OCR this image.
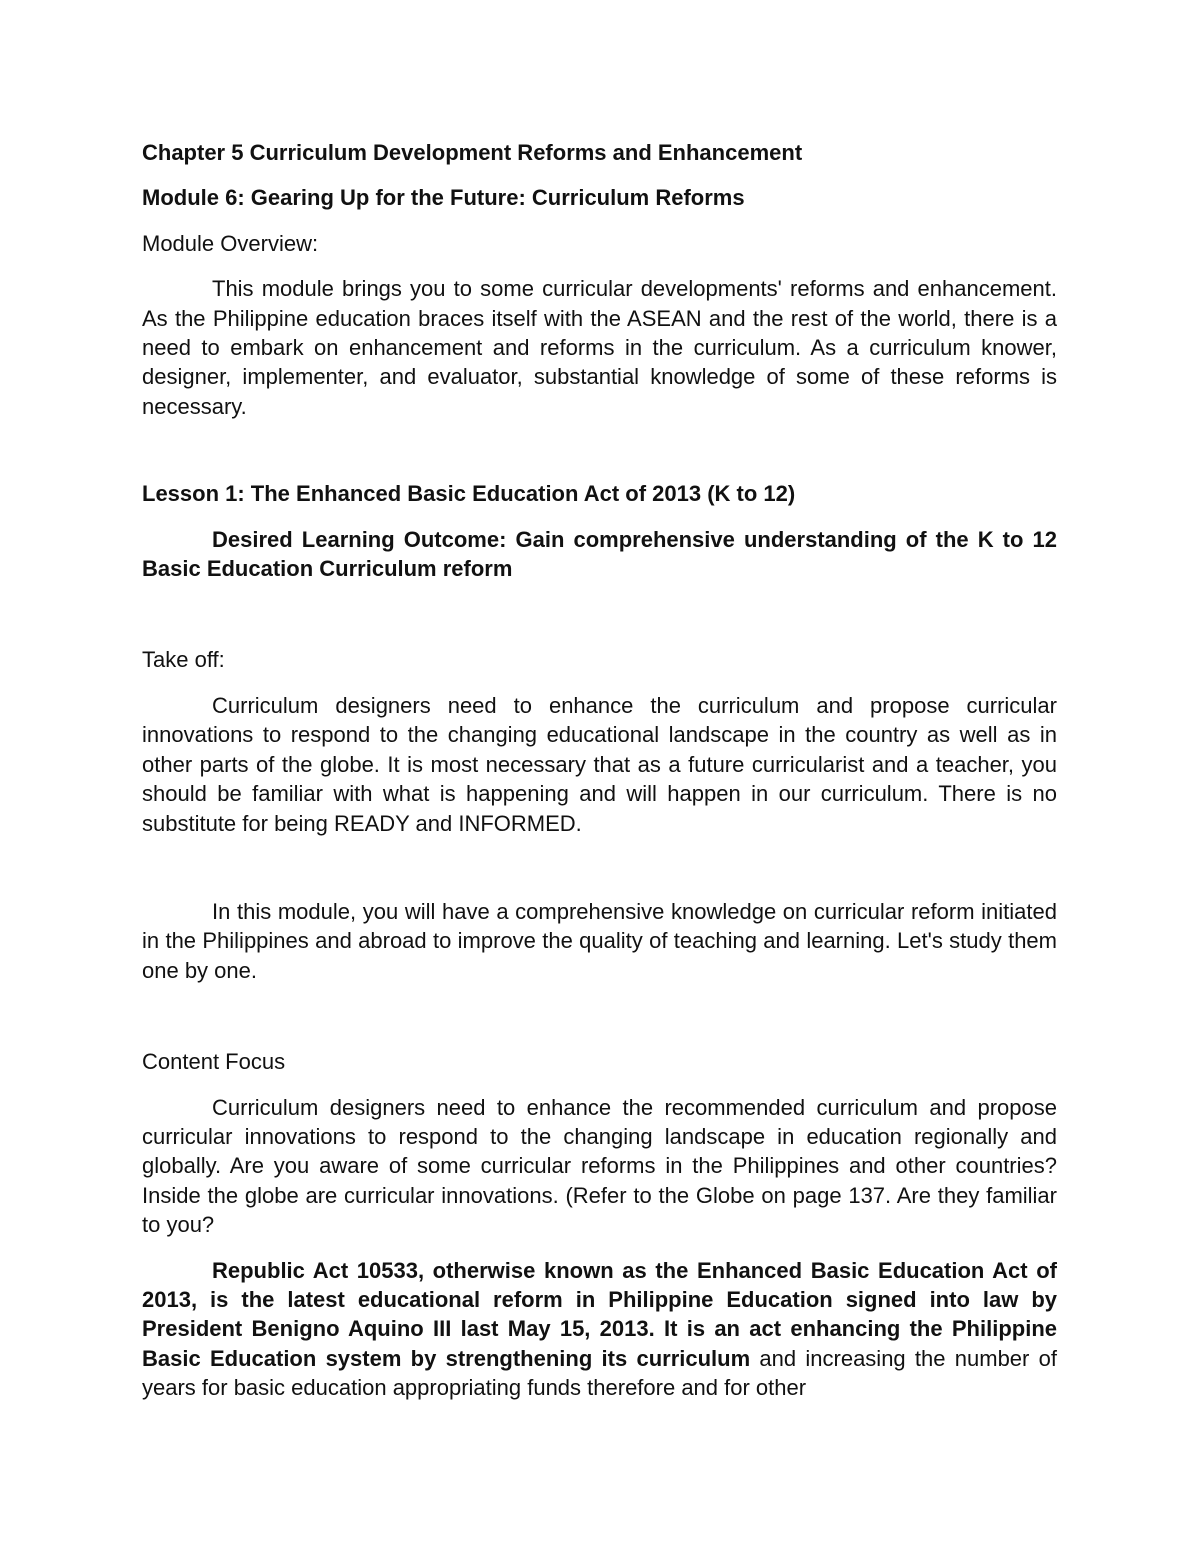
Chapter 5 Curriculum Development Reforms and Enhancement

Module 6: Gearing Up for the Future: Curriculum Reforms

Module Overview:

This module brings you to some curricular developments' reforms and enhancement. As the Philippine education braces itself with the ASEAN and the rest of the world, there is a need to embark on enhancement and reforms in the curriculum. As a curriculum knower, designer, implementer, and evaluator, substantial knowledge of some of these reforms is necessary.

Lesson 1: The Enhanced Basic Education Act of 2013 (K to 12)

Desired Learning Outcome: Gain comprehensive understanding of the K to 12 Basic Education Curriculum reform

Take off:

Curriculum designers need to enhance the curriculum and propose curricular innovations to respond to the changing educational landscape in the country as well as in other parts of the globe. It is most necessary that as a future curricularist and a teacher, you should be familiar with what is happening and will happen in our curriculum. There is no substitute for being READY and INFORMED.

In this module, you will have a comprehensive knowledge on curricular reform initiated in the Philippines and abroad to improve the quality of teaching and learning. Let's study them one by one.

Content Focus

Curriculum designers need to enhance the recommended curriculum and propose curricular innovations to respond to the changing landscape in education regionally and globally. Are you aware of some curricular reforms in the Philippines and other countries? Inside the globe are curricular innovations. (Refer to the Globe on page 137. Are they familiar to you?

Republic Act 10533, otherwise known as the Enhanced Basic Education Act of 2013, is the latest educational reform in Philippine Education signed into law by President Benigno Aquino III last May 15, 2013. It is an act enhancing the Philippine Basic Education system by strengthening its curriculum and increasing the number of years for basic education appropriating funds therefore and for other
